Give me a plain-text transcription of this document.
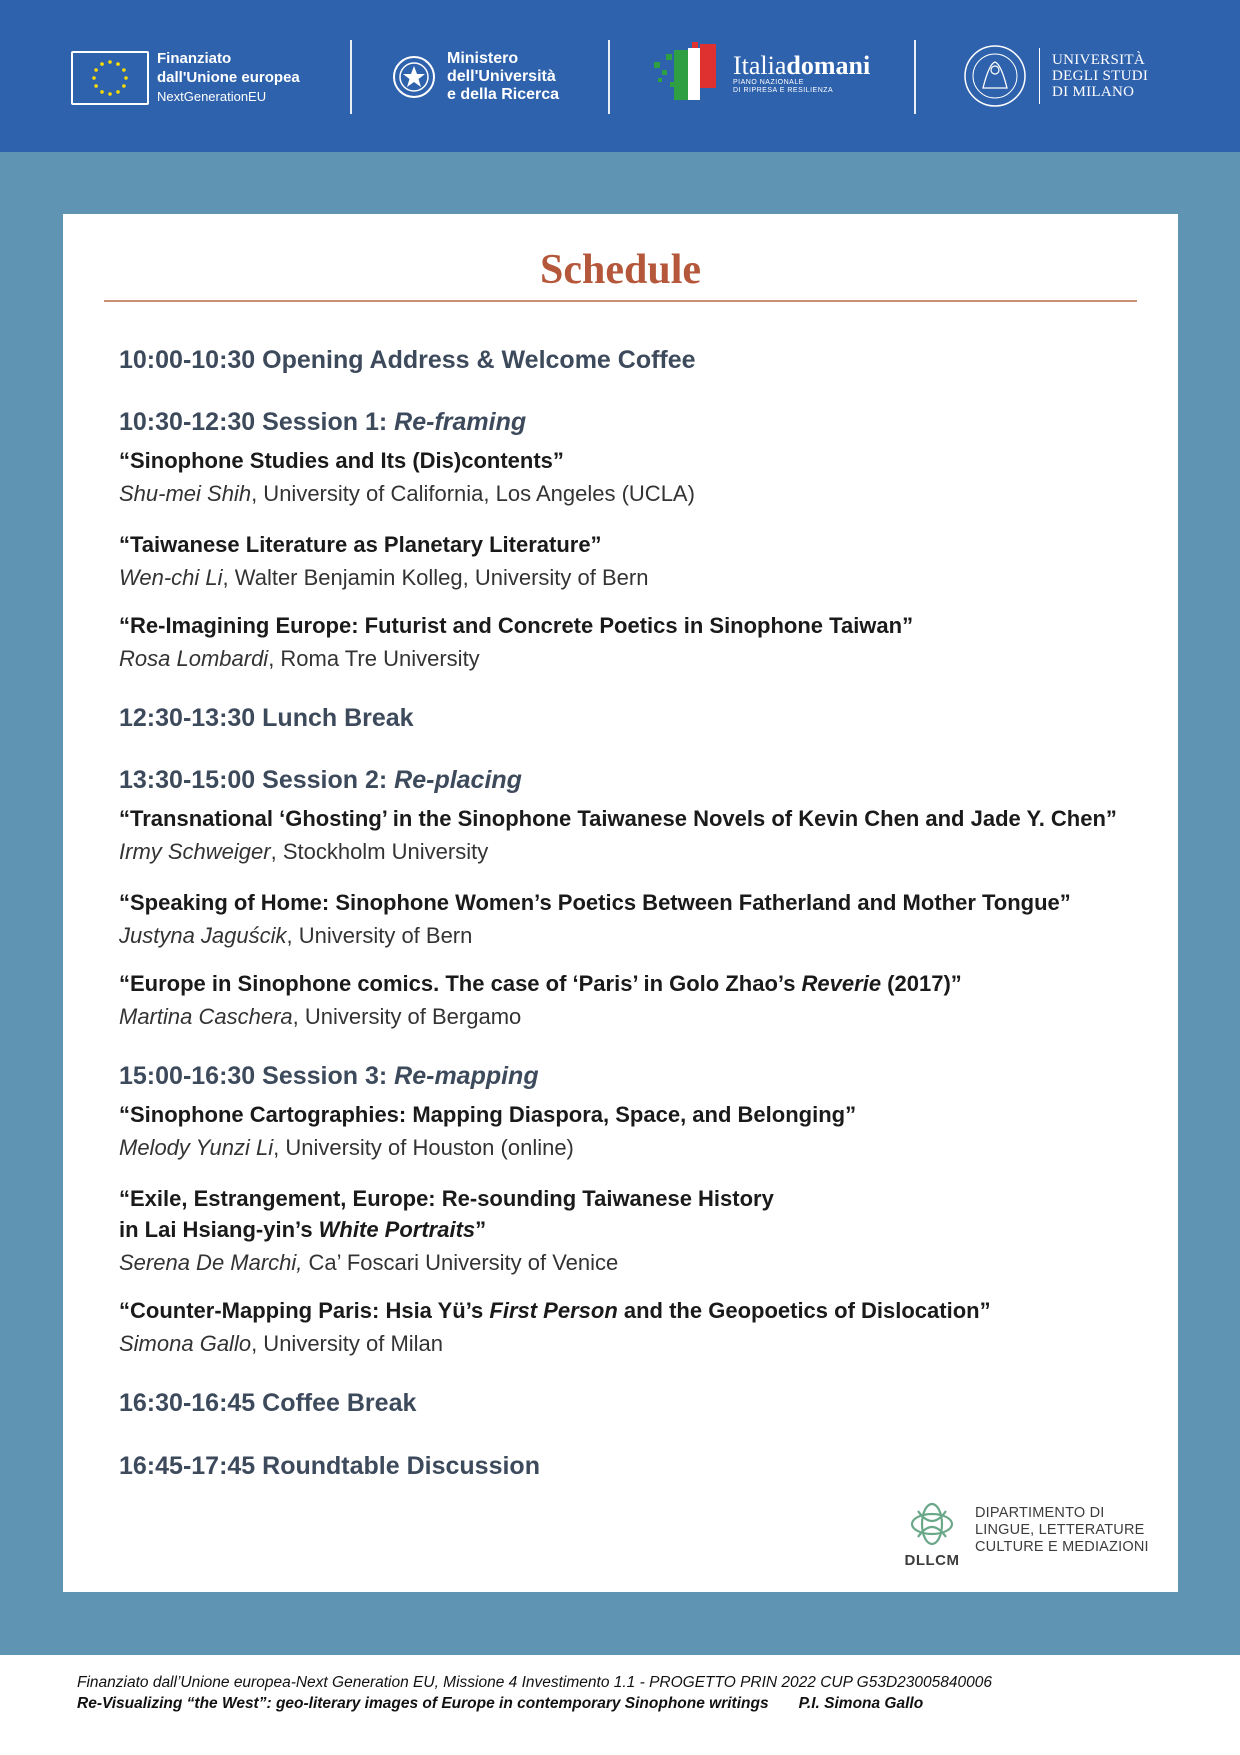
Finanziato
dall'Unione europea
NextGenerationEU
Ministero
dell'Università
e della Ricerca
Italiadomani
PIANO NAZIONALE
DI RIPRESA E RESILIENZA
UNIVERSITÀ
DEGLI STUDI
DI MILANO
Schedule
10:00-10:30 Opening Address & Welcome Coffee
10:30-12:30 Session 1: Re-framing
“Sinophone Studies and Its (Dis)contents”
Shu-mei Shih, University of California, Los Angeles (UCLA)
“Taiwanese Literature as Planetary Literature”
Wen-chi Li, Walter Benjamin Kolleg, University of Bern
“Re-Imagining Europe: Futurist and Concrete Poetics in Sinophone Taiwan”
Rosa Lombardi, Roma Tre University
12:30-13:30 Lunch Break
13:30-15:00 Session 2: Re-placing
“Transnational ‘Ghosting’ in the Sinophone Taiwanese Novels of Kevin Chen and Jade Y. Chen”
Irmy Schweiger, Stockholm University
“Speaking of Home: Sinophone Women’s Poetics Between Fatherland and Mother Tongue”
Justyna Jaguścik, University of Bern
“Europe in Sinophone comics. The case of ‘Paris’ in Golo Zhao’s Reverie (2017)”
Martina Caschera, University of Bergamo
15:00-16:30 Session 3: Re-mapping
“Sinophone Cartographies: Mapping Diaspora, Space, and Belonging”
Melody Yunzi Li, University of Houston (online)
“Exile, Estrangement, Europe: Re-sounding Taiwanese History
in Lai Hsiang-yin’s White Portraits”
Serena De Marchi, Ca’ Foscari University of Venice
“Counter-Mapping Paris: Hsia Yü’s First Person and the Geopoetics of Dislocation”
Simona Gallo, University of Milan
16:30-16:45 Coffee Break
16:45-17:45 Roundtable Discussion
DLLCM
DIPARTIMENTO DI
LINGUE, LETTERATURE
CULTURE E MEDIAZIONI
Finanziato dall’Unione europea-Next Generation EU, Missione 4 Investimento 1.1 - PROGETTO PRIN 2022 CUP G53D23005840006
Re-Visualizing “the West”: geo-literary images of Europe in contemporary Sinophone writings P.I. Simona Gallo
